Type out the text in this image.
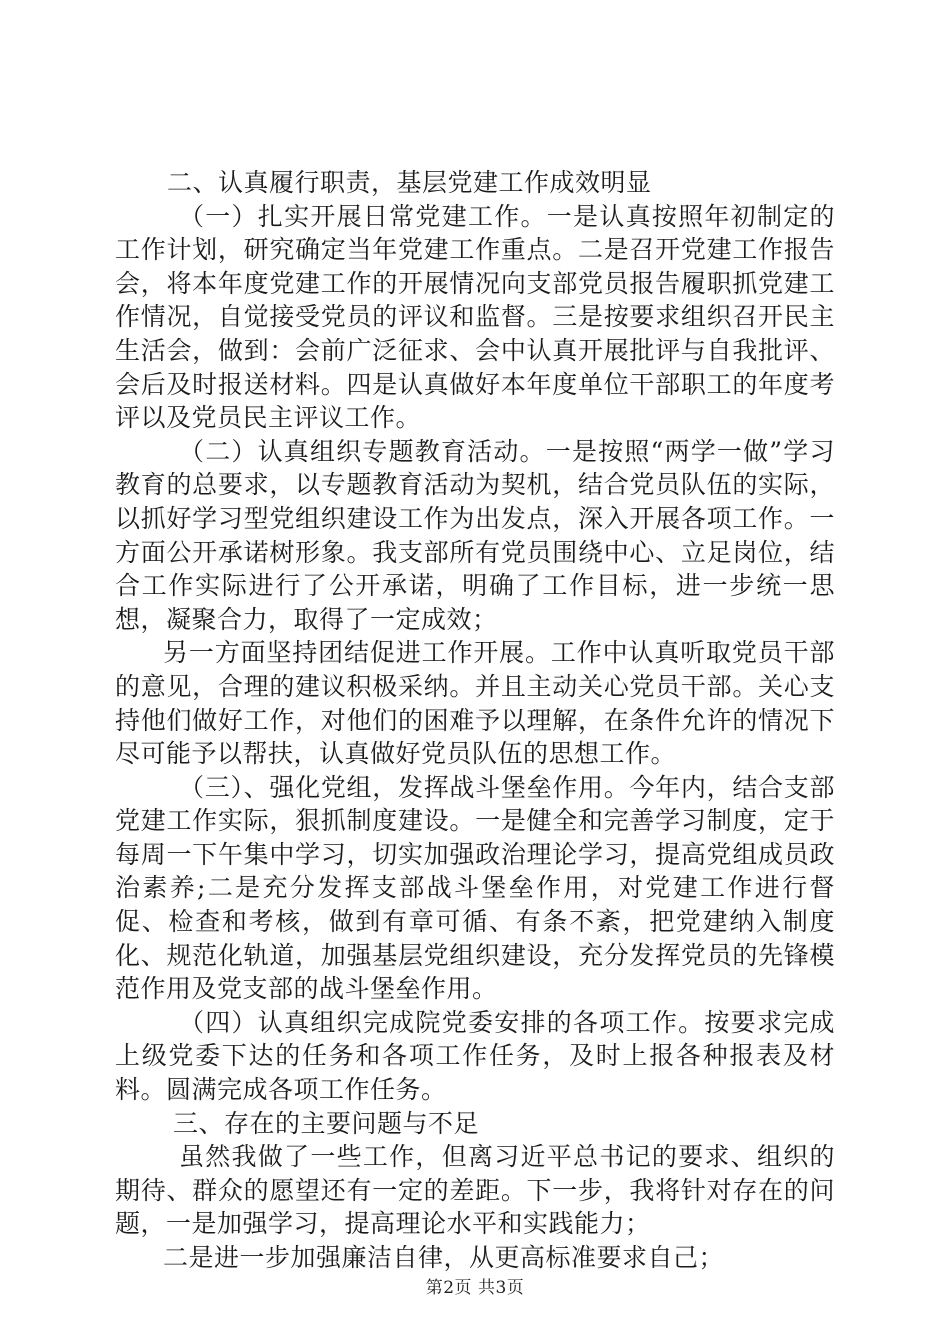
二、认真履行职责，基层党建工作成效明显

（一）扎实开展日常党建工作。一是认真按照年初制定的工作计划，研究确定当年党建工作重点。二是召开党建工作报告会，将本年度党建工作的开展情况向支部党员报告履职抓党建工作情况，自觉接受党员的评议和监督。三是按要求组织召开民主生活会，做到：会前广泛征求、会中认真开展批评与自我批评、会后及时报送材料。四是认真做好本年度单位干部职工的年度考评以及党员民主评议工作。

（二）认真组织专题教育活动。一是按照“两学一做”学习教育的总要求，以专题教育活动为契机，结合党员队伍的实际，以抓好学习型党组织建设工作为出发点，深入开展各项工作。一方面公开承诺树形象。我支部所有党员围绕中心、立足岗位，结合工作实际进行了公开承诺，明确了工作目标，进一步统一思想，凝聚合力，取得了一定成效；

另一方面坚持团结促进工作开展。工作中认真听取党员干部的意见，合理的建议积极采纳。并且主动关心党员干部。关心支持他们做好工作，对他们的困难予以理解，在条件允许的情况下尽可能予以帮扶，认真做好党员队伍的思想工作。

（三）、强化党组，发挥战斗堡垒作用。今年内，结合支部党建工作实际，狠抓制度建设。一是健全和完善学习制度，定于每周一下午集中学习，切实加强政治理论学习，提高党组成员政治素养;二是充分发挥支部战斗堡垒作用，对党建工作进行督促、检查和考核，做到有章可循、有条不紊，把党建纳入制度化、规范化轨道，加强基层党组织建设，充分发挥党员的先锋模范作用及党支部的战斗堡垒作用。

（四）认真组织完成院党委安排的各项工作。按要求完成上级党委下达的任务和各项工作任务，及时上报各种报表及材料。圆满完成各项工作任务。

三、存在的主要问题与不足

虽然我做了一些工作，但离习近平总书记的要求、组织的期待、群众的愿望还有一定的差距。下一步，我将针对存在的问题，一是加强学习，提高理论水平和实践能力；

二是进一步加强廉洁自律，从更高标准要求自己；

第2页 共3页
